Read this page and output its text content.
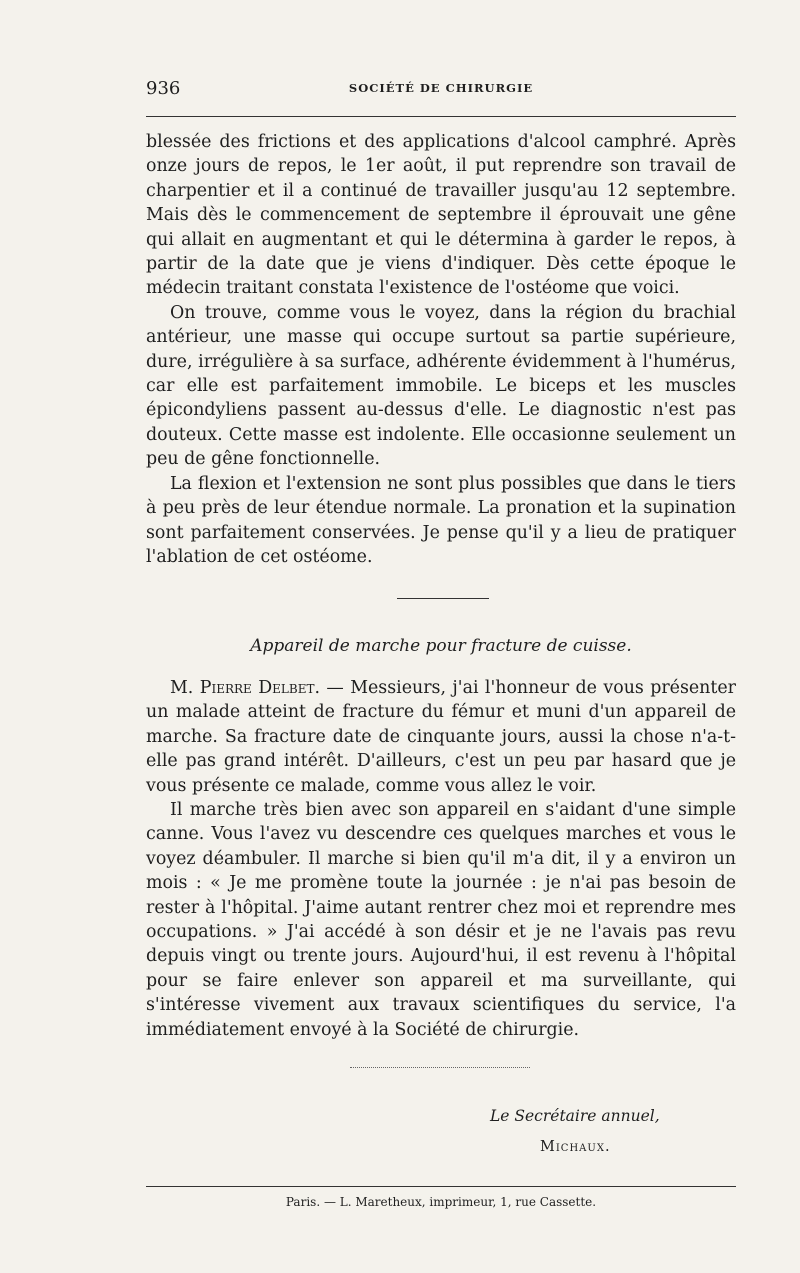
936	SOCIÉTÉ DE CHIRURGIE

blessée des frictions et des applications d'alcool camphré. Après onze jours de repos, le 1er août, il put reprendre son travail de charpentier et il a continué de travailler jusqu'au 12 septembre. Mais dès le commencement de septembre il éprouvait une gêne qui allait en augmentant et qui le détermina à garder le repos, à partir de la date que je viens d'indiquer. Dès cette époque le médecin traitant constata l'existence de l'ostéome que voici.

On trouve, comme vous le voyez, dans la région du brachial antérieur, une masse qui occupe surtout sa partie supérieure, dure, irrégulière à sa surface, adhérente évidemment à l'humérus, car elle est parfaitement immobile. Le biceps et les muscles épicondyliens passent au-dessus d'elle. Le diagnostic n'est pas douteux. Cette masse est indolente. Elle occasionne seulement un peu de gêne fonctionnelle.

La flexion et l'extension ne sont plus possibles que dans le tiers à peu près de leur étendue normale. La pronation et la supination sont parfaitement conservées. Je pense qu'il y a lieu de pratiquer l'ablation de cet ostéome.

Appareil de marche pour fracture de cuisse.

M. Pierre Delbet. — Messieurs, j'ai l'honneur de vous présenter un malade atteint de fracture du fémur et muni d'un appareil de marche. Sa fracture date de cinquante jours, aussi la chose n'a-t-elle pas grand intérêt. D'ailleurs, c'est un peu par hasard que je vous présente ce malade, comme vous allez le voir.

Il marche très bien avec son appareil en s'aidant d'une simple canne. Vous l'avez vu descendre ces quelques marches et vous le voyez déambuler. Il marche si bien qu'il m'a dit, il y a environ un mois : « Je me promène toute la journée : je n'ai pas besoin de rester à l'hôpital. J'aime autant rentrer chez moi et reprendre mes occupations. » J'ai accédé à son désir et je ne l'avais pas revu depuis vingt ou trente jours. Aujourd'hui, il est revenu à l'hôpital pour se faire enlever son appareil et ma surveillante, qui s'intéresse vivement aux travaux scientifiques du service, l'a immédiatement envoyé à la Société de chirurgie.

Le Secrétaire annuel,
Michaux.
Paris. — L. Maretheux, imprimeur, 1, rue Cassette.
